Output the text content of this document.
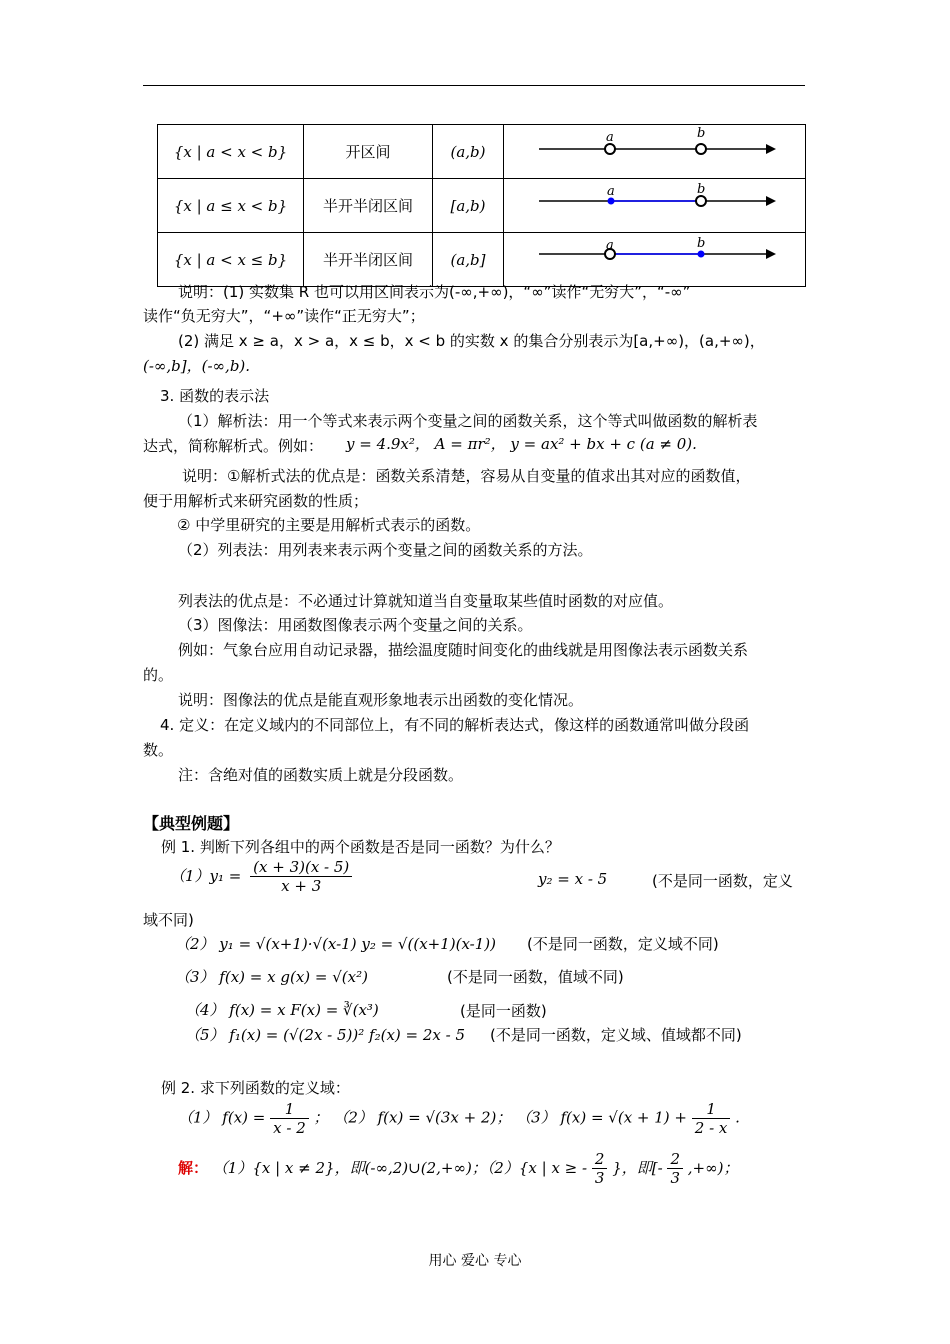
{x | a < x < b}	开区间	(a,b)	a b

{x | a ≤ x < b}	半开半闭区间	[a,b)	a b

{x | a < x ≤ b}	半开半闭区间	(a,b]	a b
说明：(1) 实数集 R 也可以用区间表示为(-∞,+∞)，“∞”读作“无穷大”，“-∞”
读作“负无穷大”，“+∞”读作“正无穷大”；
(2) 满足 x ≥ a，x > a，x ≤ b，x < b 的实数 x 的集合分别表示为[a,+∞)，(a,+∞)，
(-∞,b]，(-∞,b).
3. 函数的表示法
（1）解析法：用一个等式来表示两个变量之间的函数关系，这个等式叫做函数的解析表
达式，简称解析式。例如： y = 4.9x²， A = πr²， y = ax² + bx + c (a ≠ 0).
说明：①解析式法的优点是：函数关系清楚，容易从自变量的值求出其对应的函数值，
便于用解析式来研究函数的性质；
② 中学里研究的主要是用解析式表示的函数。
（2）列表法：用列表来表示两个变量之间的函数关系的方法。
列表法的优点是：不必通过计算就知道当自变量取某些值时函数的对应值。
（3）图像法：用函数图像表示两个变量之间的关系。
例如：气象台应用自动记录器，描绘温度随时间变化的曲线就是用图像法表示函数关系
的。
说明：图像法的优点是能直观形象地表示出函数的变化情况。
4. 定义：在定义域内的不同部位上，有不同的解析表达式，像这样的函数通常叫做分段函
数。
注：含绝对值的函数实质上就是分段函数。
【典型例题】
例 1. 判断下列各组中的两个函数是否是同一函数？为什么？
$(1)y_1 = \frac{(x + 3)(x - 5)}{x + 3}$	y₂ = x - 5	(不是同一函数，定义
域不同)
（2） y₁ = √(x+1)·√(x-1) y₂ = √((x+1)(x-1)) (不是同一函数，定义域不同)
（3） f(x) = x g(x) = √(x²)	(不是同一函数，值域不同)
（4） f(x) = x F(x) = ∛(x³)	(是同一函数)
（5） f₁(x) = (√(2x - 5))² f₂(x) = 2x - 5 (不是同一函数，定义域、值域都不同)
例 2. 求下列函数的定义域：
（1） $f(x) = \frac{1}{x - 2}$ ； （2） f(x) = √(3x + 2)； （3） $f(x) = √(x + 1) + \frac{1}{2 - x}$ .
解： （1）{x | x ≠ 2}，即(-∞,2)∪(2,+∞)；（2）{x | x ≥ - $\frac{2}{3}$ }，即[- $\frac{2}{3}$ ,+∞)；
用心 爱心 专心
